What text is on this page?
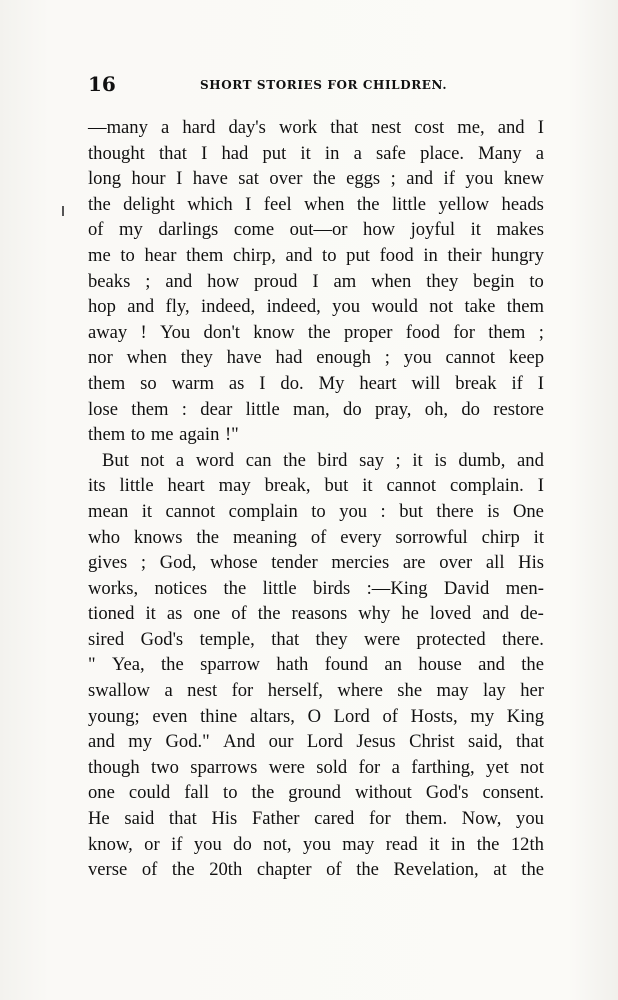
16	SHORT STORIES FOR CHILDREN.
—many a hard day's work that nest cost me, and I
thought that I had put it in a safe place. Many a
long hour I have sat over the eggs ; and if you knew
the delight which I feel when the little yellow heads
of my darlings come out—or how joyful it makes
me to hear them chirp, and to put food in their hungry
beaks ; and how proud I am when they begin to
hop and fly, indeed, indeed, you would not take them
away ! You don't know the proper food for them ;
nor when they have had enough ; you cannot keep
them so warm as I do. My heart will break if I
lose them : dear little man, do pray, oh, do restore
them to me again !"
But not a word can the bird say ; it is dumb, and
its little heart may break, but it cannot complain. I
mean it cannot complain to you : but there is One
who knows the meaning of every sorrowful chirp it
gives ; God, whose tender mercies are over all His
works, notices the little birds :—King David men-
tioned it as one of the reasons why he loved and de-
sired God's temple, that they were protected there.
" Yea, the sparrow hath found an house and the
swallow a nest for herself, where she may lay her
young; even thine altars, O Lord of Hosts, my King
and my God." And our Lord Jesus Christ said, that
though two sparrows were sold for a farthing, yet not
one could fall to the ground without God's consent.
He said that His Father cared for them. Now, you
know, or if you do not, you may read it in the 12th
verse of the 20th chapter of the Revelation, at the
